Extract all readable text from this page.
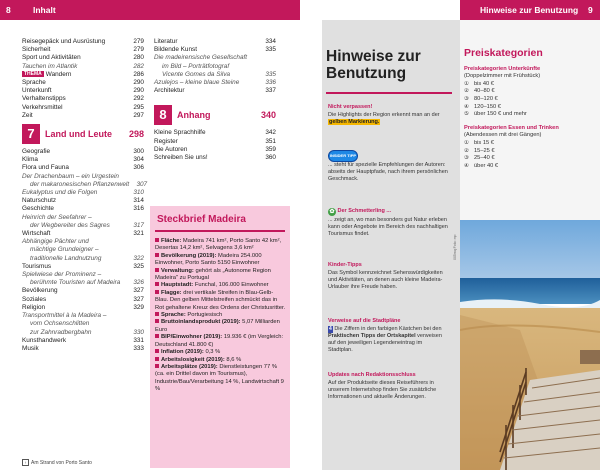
8	Inhalt
Reisegepäck und Ausrüstung	279
Sicherheit	279
Sport und Aktivitäten	280
Tauchen im Atlantik	282
THEMA Wandern	286
Sprache	290
Unterkunft	290
Verhaltenstipps	292
Verkehrsmittel	295
Zeit	297
7	Land und Leute	298
Geografie	300
Klima	304
Flora und Fauna	306
Der Drachenbaum – ein Urgestein
der makaronesischen Pflanzenwelt	307
Eukalyptus und die Folgen	310
Naturschutz	314
Geschichte	316
Heinrich der Seefahrer –
der Wegbereiter des Sagres	317
Wirtschaft	321
Abhängige Pächter und
mächtige Grundeigner –
traditionelle Landnutzung	322
Tourismus	325
Spielwiese der Prominenz –
berühmte Touristen auf Madeira	326
Bevölkerung	327
Soziales	327
Religion	329
Transportmittel à la Madeira –
vom Ochsenschlitten
zur Zahnradbergbahn	330
Kunsthandwerk	331
Musik	333
Literatur	334
Bildende Kunst	335
Die madeirensische Gesellschaft
im Bild – Porträtfotograf
Vicente Gomes da Silva	335
Azulejos – kleine blaue Steine	336
Architektur	337
8	Anhang	340
Kleine Sprachhilfe	342
Register	351
Die Autoren	359
Schreiben Sie uns!	360
Steckbrief Madeira
Fläche: Madeira 741 km², Porto Santo 42 km², Desertas 14,2 km², Selvagens 3,6 km²
Bevölkerung (2019): Madeira 254.000 Einwohner, Porto Santo 5150 Einwohner
Verwaltung: gehört als „Autonome Region Madeira" zu Portugal
Hauptstadt: Funchal, 106.000 Einwohner
Flagge: drei vertikale Streifen in Blau-Gelb-Blau. Den gelben Mittelstreifen schmückt das in Rot gehaltene Kreuz des Ordens der Christusritter.
Sprache: Portugiesisch
Bruttoinlandsprodukt (2019): 5,07 Milliarden Euro
BIP/Einwohner (2019): 19.936 € (im Vergleich: Deutschland 41.800 €)
Inflation (2019): 0,3 %
Arbeitslosigkeit (2019): 8,6 %
Arbeitsplätze (2019): Dienstleistungen 77 % (ca. ein Drittel davon im Tourismus), Industrie/Bau/Verarbeitung 14 %, Landwirtschaft 9 %
↑ Am Strand von Porto Santo
Hinweise zur Benutzung 9
Hinweise zur
Benutzung
Nicht verpassen!
Die Highlights der Region erkennt man an der gelben Markierung.
INSIDER TIPP
... steht für spezielle Empfehlungen der Autoren: abseits der Hauptpfade, nach ihrem persönlichen Geschmack.
✿ Der Schmetterling ...
... zeigt an, wo man besonders gut Natur erleben kann oder Angebote im Bereich des nachhaltigen Tourismus findet.
Kinder-Tipps
Das Symbol kennzeichnet Sehenswürdigkeiten und Aktivitäten, an denen auch kleine Madeira-Urlauber ihre Freude haben.
Verweise auf die Stadtpläne
4 Die Ziffern in den farbigen Kästchen bei den Praktischen Tipps der Ortskapitel verweisen auf den jeweiligen Legendeneintrag im Stadtplan.
Updates nach Redaktionsschluss
Auf der Produktseite dieses Reiseführers in unserem Internetshop finden Sie zusätzliche Informationen und aktuelle Änderungen.
Preiskategorien
Preiskategorien Unterkünfte
(Doppelzimmer mit Frühstück)
① bis 40 €
② 40–80 €
③ 80–120 €
④ 120–150 €
⑤ über 150 € und mehr
Preiskategorien Essen und Trinken
(Abendessen mit drei Gängen)
① bis 15 €
② 15–25 €
③ 25–40 €
④ über 40 €
005mq Foto: mp
